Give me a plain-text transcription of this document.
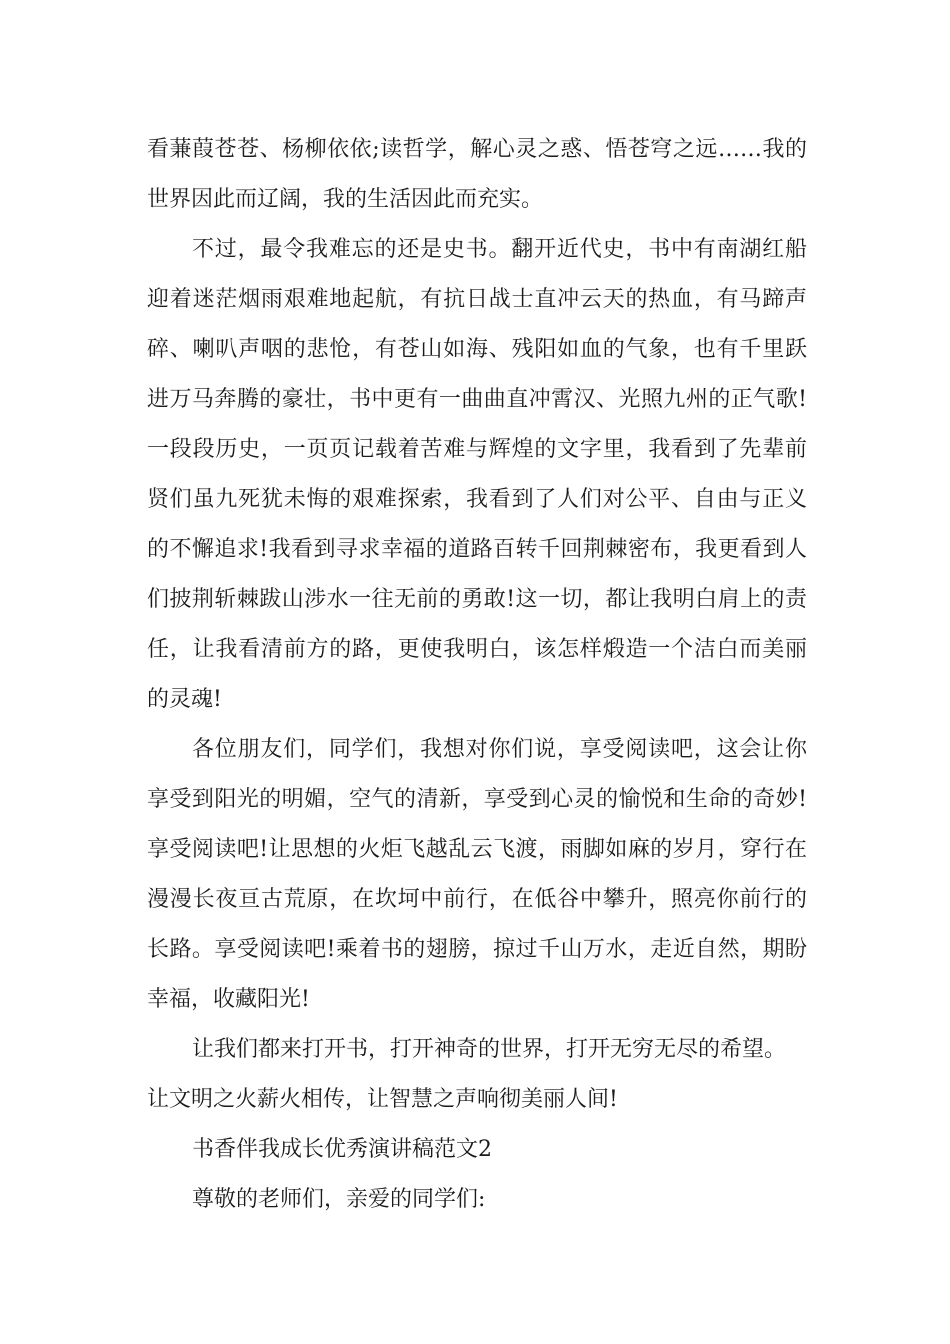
看蒹葭苍苍、杨柳依依;读哲学，解心灵之惑、悟苍穹之远……我的
世界因此而辽阔，我的生活因此而充实。
不过，最令我难忘的还是史书。翻开近代史，书中有南湖红船
迎着迷茫烟雨艰难地起航，有抗日战士直冲云天的热血，有马蹄声
碎、喇叭声咽的悲怆，有苍山如海、残阳如血的气象，也有千里跃
进万马奔腾的豪壮，书中更有一曲曲直冲霄汉、光照九州的正气歌!
一段段历史，一页页记载着苦难与辉煌的文字里，我看到了先辈前
贤们虽九死犹未悔的艰难探索，我看到了人们对公平、自由与正义
的不懈追求!我看到寻求幸福的道路百转千回荆棘密布，我更看到人
们披荆斩棘跋山涉水一往无前的勇敢!这一切，都让我明白肩上的责
任，让我看清前方的路，更使我明白，该怎样煅造一个洁白而美丽
的灵魂!
各位朋友们，同学们，我想对你们说，享受阅读吧，这会让你
享受到阳光的明媚，空气的清新，享受到心灵的愉悦和生命的奇妙!
享受阅读吧!让思想的火炬飞越乱云飞渡，雨脚如麻的岁月，穿行在
漫漫长夜亘古荒原，在坎坷中前行，在低谷中攀升，照亮你前行的
长路。享受阅读吧!乘着书的翅膀，掠过千山万水，走近自然，期盼
幸福，收藏阳光!
让我们都来打开书，打开神奇的世界，打开无穷无尽的希望。
让文明之火薪火相传，让智慧之声响彻美丽人间!
书香伴我成长优秀演讲稿范文2
尊敬的老师们，亲爱的同学们:
